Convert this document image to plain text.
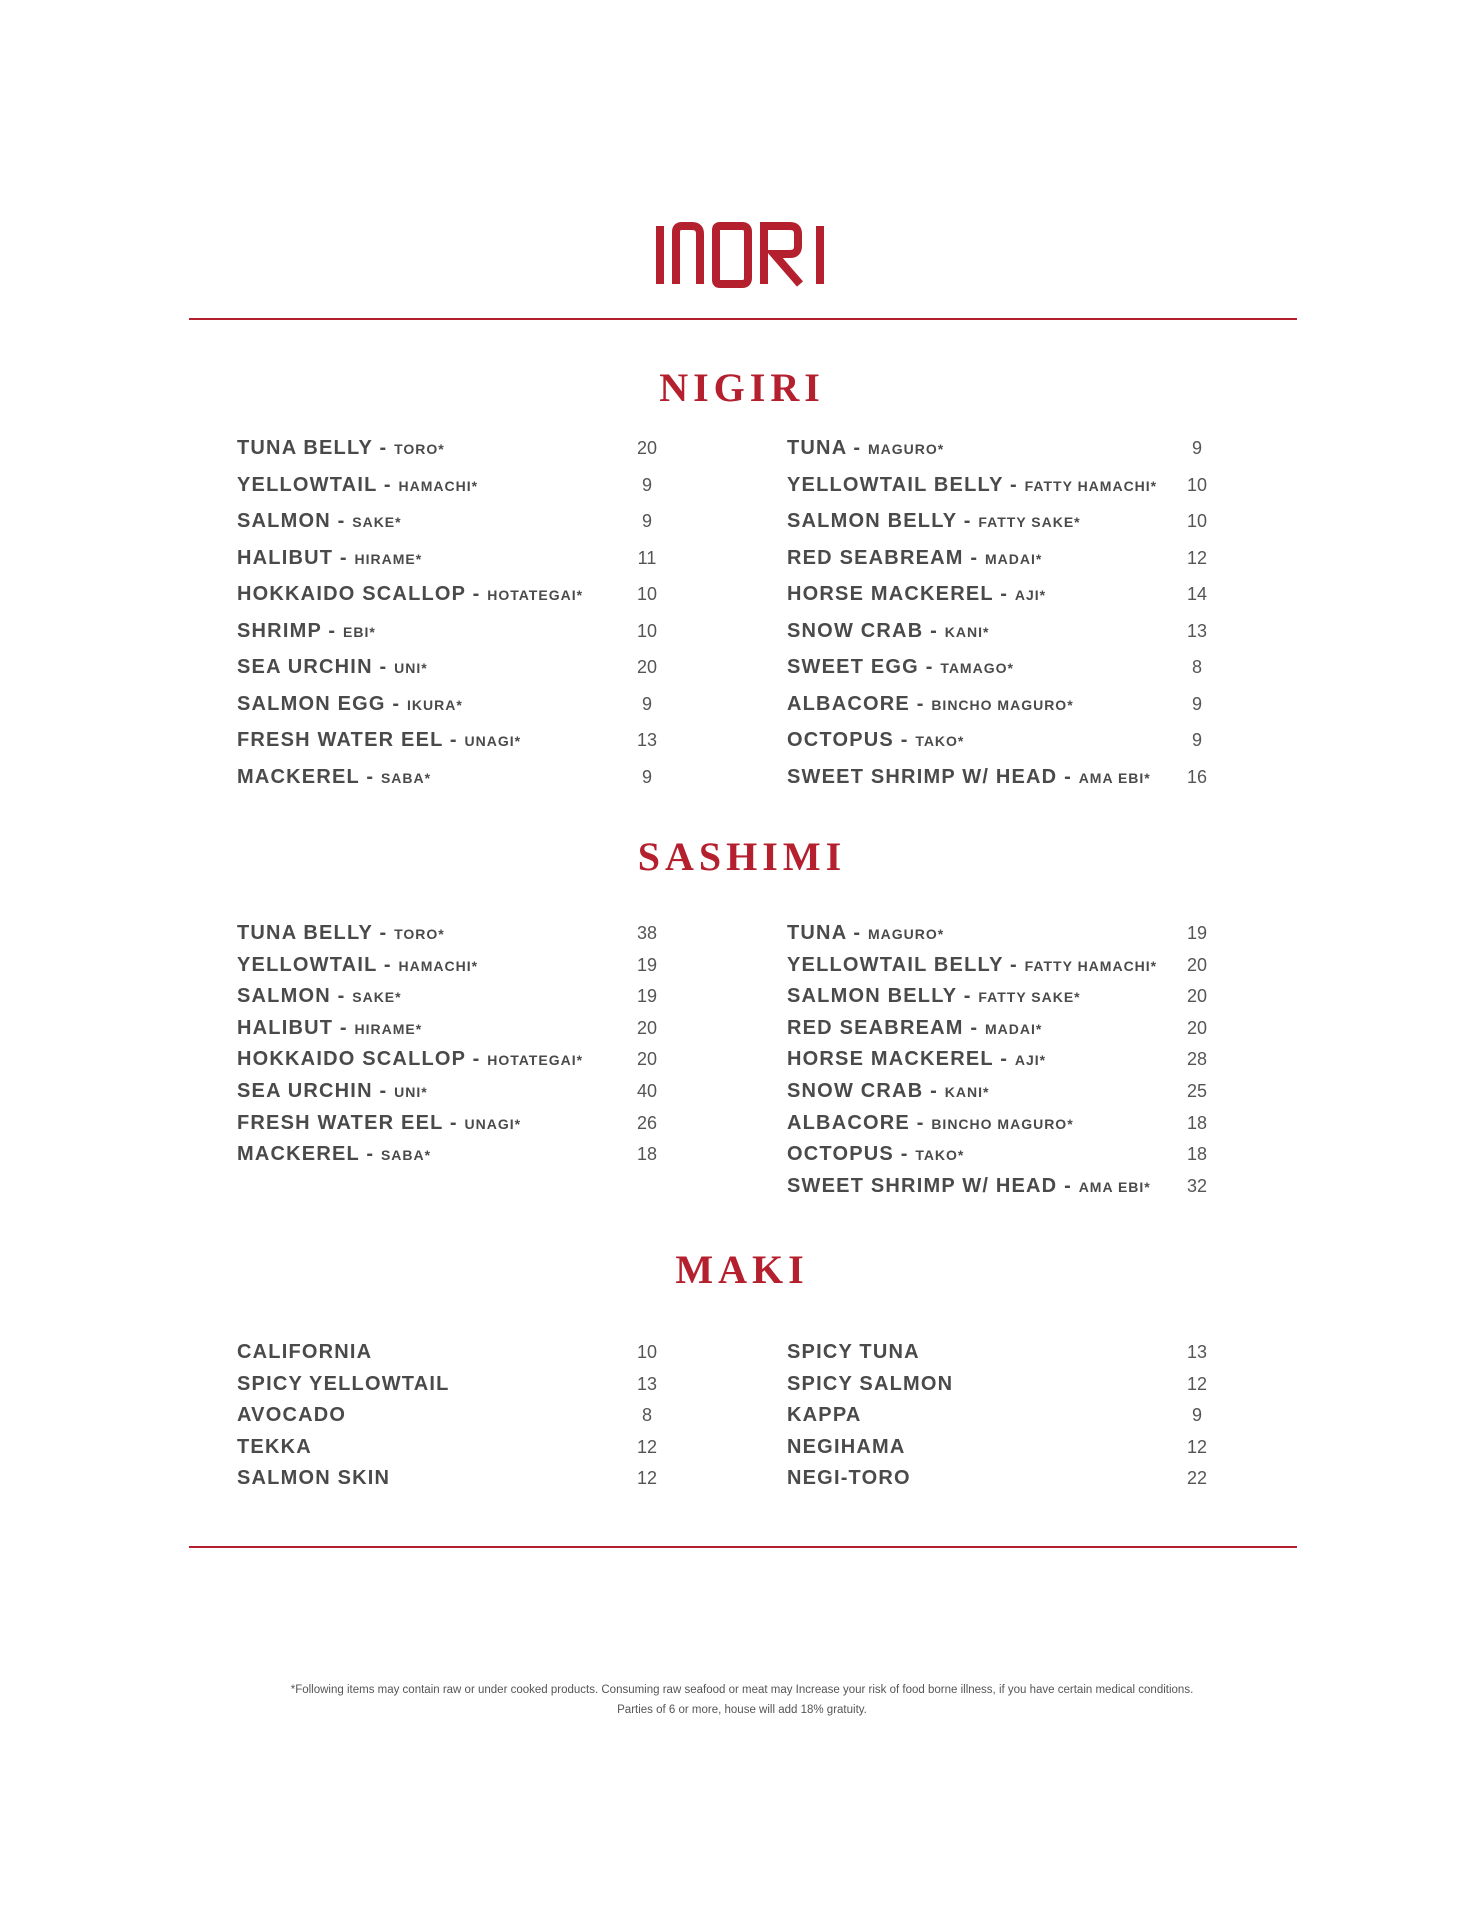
NIGIRI
TUNA BELLY - TORO*	20
YELLOWTAIL - HAMACHI*	9
SALMON - SAKE*	9
HALIBUT - HIRAME*	11
HOKKAIDO SCALLOP - HOTATEGAI*	10
SHRIMP - EBI*	10
SEA URCHIN - UNI*	20
SALMON EGG - IKURA*	9
FRESH WATER EEL - UNAGI*	13
MACKEREL - SABA*	9
TUNA - MAGURO*	9
YELLOWTAIL BELLY - FATTY HAMACHI*	10
SALMON BELLY - FATTY SAKE*	10
RED SEABREAM - MADAI*	12
HORSE MACKEREL - AJI*	14
SNOW CRAB - KANI*	13
SWEET EGG - TAMAGO*	8
ALBACORE - BINCHO MAGURO*	9
OCTOPUS - TAKO*	9
SWEET SHRIMP W/ HEAD - AMA EBI*	16
SASHIMI
TUNA BELLY - TORO*	38
YELLOWTAIL - HAMACHI*	19
SALMON - SAKE*	19
HALIBUT - HIRAME*	20
HOKKAIDO SCALLOP - HOTATEGAI*	20
SEA URCHIN - UNI*	40
FRESH WATER EEL - UNAGI*	26
MACKEREL - SABA*	18
TUNA - MAGURO*	19
YELLOWTAIL BELLY - FATTY HAMACHI*	20
SALMON BELLY - FATTY SAKE*	20
RED SEABREAM - MADAI*	20
HORSE MACKEREL - AJI*	28
SNOW CRAB - KANI*	25
ALBACORE - BINCHO MAGURO*	18
OCTOPUS - TAKO*	18
SWEET SHRIMP W/ HEAD - AMA EBI*	32
MAKI
CALIFORNIA	10
SPICY YELLOWTAIL	13
AVOCADO	8
TEKKA	12
SALMON SKIN	12
SPICY TUNA	13
SPICY SALMON	12
KAPPA	9
NEGIHAMA	12
NEGI-TORO	22
*Following items may contain raw or under cooked products. Consuming raw seafood or meat may Increase your risk of food borne illness, if you have certain medical conditions.
Parties of 6 or more, house will add 18% gratuity.
